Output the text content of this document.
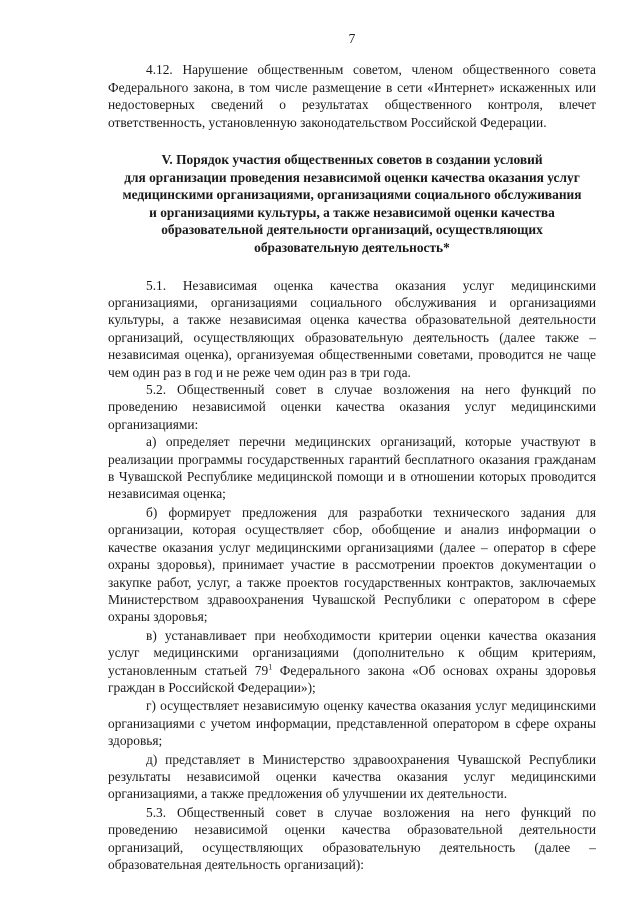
7

4.12. Нарушение общественным советом, членом общественного совета Федерального закона, в том числе размещение в сети «Интернет» искаженных или недостоверных сведений о результатах общественного контроля, влечет ответственность, установленную законодательством Российской Федерации.

V. Порядок участия общественных советов в создании условий
для организации проведения независимой оценки качества оказания услуг
медицинскими организациями, организациями социального обслуживания
и организациями культуры, а также независимой оценки качества
образовательной деятельности организаций, осуществляющих
образовательную деятельность*

5.1. Независимая оценка качества оказания услуг медицинскими организациями, организациями социального обслуживания и организациями культуры, а также независимая оценка качества образовательной деятельности организаций, осуществляющих образовательную деятельность (далее также – независимая оценка), организуемая общественными советами, проводится не чаще чем один раз в год и не реже чем один раз в три года.

5.2. Общественный совет в случае возложения на него функций по проведению независимой оценки качества оказания услуг медицинскими организациями:

а) определяет перечни медицинских организаций, которые участвуют в реализации программы государственных гарантий бесплатного оказания гражданам в Чувашской Республике медицинской помощи и в отношении которых проводится независимая оценка;

б) формирует предложения для разработки технического задания для организации, которая осуществляет сбор, обобщение и анализ информации о качестве оказания услуг медицинскими организациями (далее – оператор в сфере охраны здоровья), принимает участие в рассмотрении проектов документации о закупке работ, услуг, а также проектов государственных контрактов, заключаемых Министерством здравоохранения Чувашской Республики с оператором в сфере охраны здоровья;

в) устанавливает при необходимости критерии оценки качества оказания услуг медицинскими организациями (дополнительно к общим критериям, установленным статьей $79^1$ Федерального закона «Об основах охраны здоровья граждан в Российской Федерации»);

г) осуществляет независимую оценку качества оказания услуг медицинскими организациями с учетом информации, представленной оператором в сфере охраны здоровья;

д) представляет в Министерство здравоохранения Чувашской Республики результаты независимой оценки качества оказания услуг медицинскими организациями, а также предложения об улучшении их деятельности.

5.3. Общественный совет в случае возложения на него функций по проведению независимой оценки качества образовательной деятельности организаций, осуществляющих образовательную деятельность (далее – образовательная деятельность организаций):
